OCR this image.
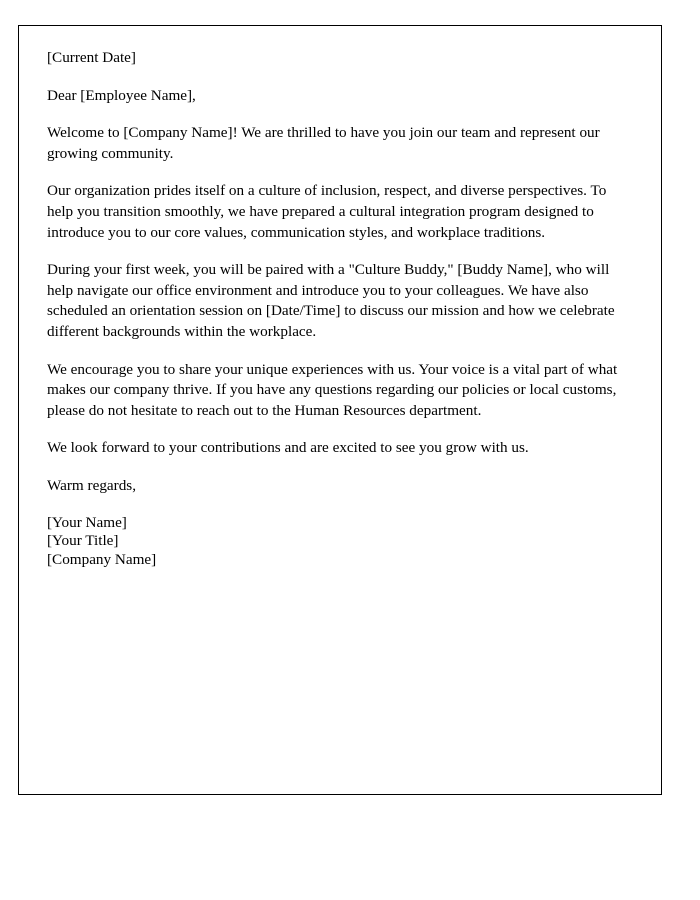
[Current Date]

Dear [Employee Name],

Welcome to [Company Name]! We are thrilled to have you join our team and represent our growing community.

Our organization prides itself on a culture of inclusion, respect, and diverse perspectives. To help you transition smoothly, we have prepared a cultural integration program designed to introduce you to our core values, communication styles, and workplace traditions.

During your first week, you will be paired with a "Culture Buddy," [Buddy Name], who will help navigate our office environment and introduce you to your colleagues. We have also scheduled an orientation session on [Date/Time] to discuss our mission and how we celebrate different backgrounds within the workplace.

We encourage you to share your unique experiences with us. Your voice is a vital part of what makes our company thrive. If you have any questions regarding our policies or local customs, please do not hesitate to reach out to the Human Resources department.

We look forward to your contributions and are excited to see you grow with us.

Warm regards,

[Your Name]
[Your Title]
[Company Name]
